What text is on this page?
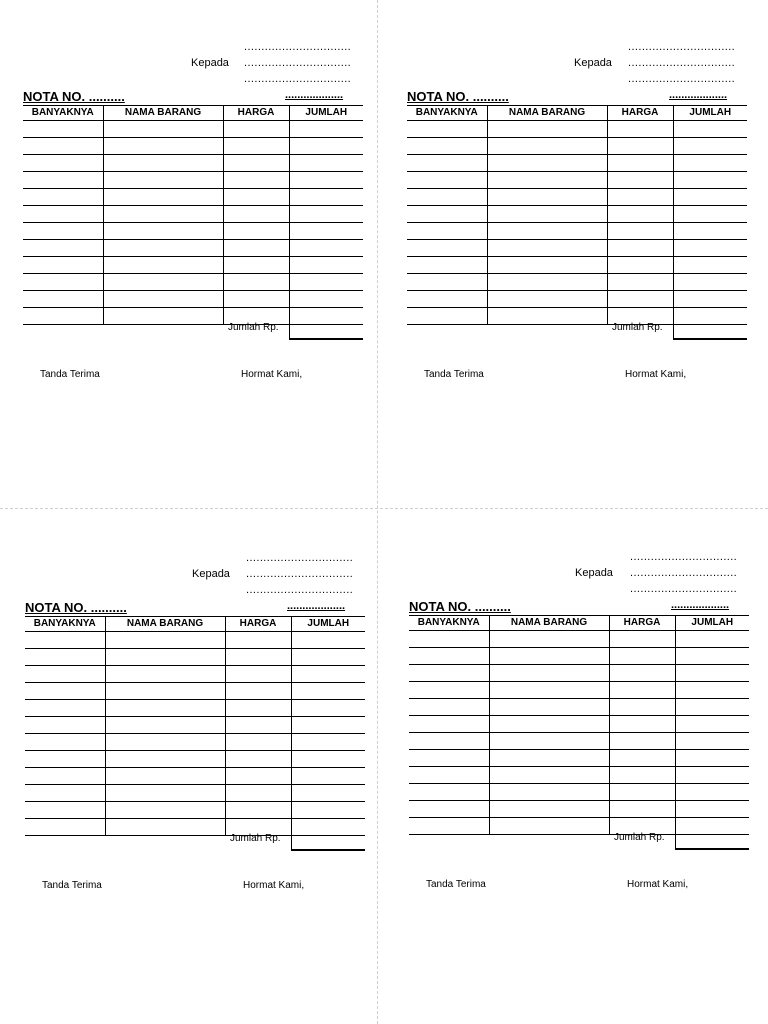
...............................
Kepada ...............................
...............................
NOTA NO. ..........	...................
BANYAKNYA	NAMA BARANG	HARGA	JUMLAH

Jumlah Rp.
Tanda Terima	Hormat Kami,
...............................
Kepada ...............................
...............................
NOTA NO. ..........	...................
BANYAKNYA	NAMA BARANG	HARGA	JUMLAH

Jumlah Rp.
Tanda Terima	Hormat Kami,
...............................
Kepada ...............................
...............................
NOTA NO. ..........	...................
BANYAKNYA	NAMA BARANG	HARGA	JUMLAH

Jumlah Rp.
Tanda Terima	Hormat Kami,
...............................
Kepada ...............................
...............................
NOTA NO. ..........	...................
BANYAKNYA	NAMA BARANG	HARGA	JUMLAH

Jumlah Rp.
Tanda Terima	Hormat Kami,
